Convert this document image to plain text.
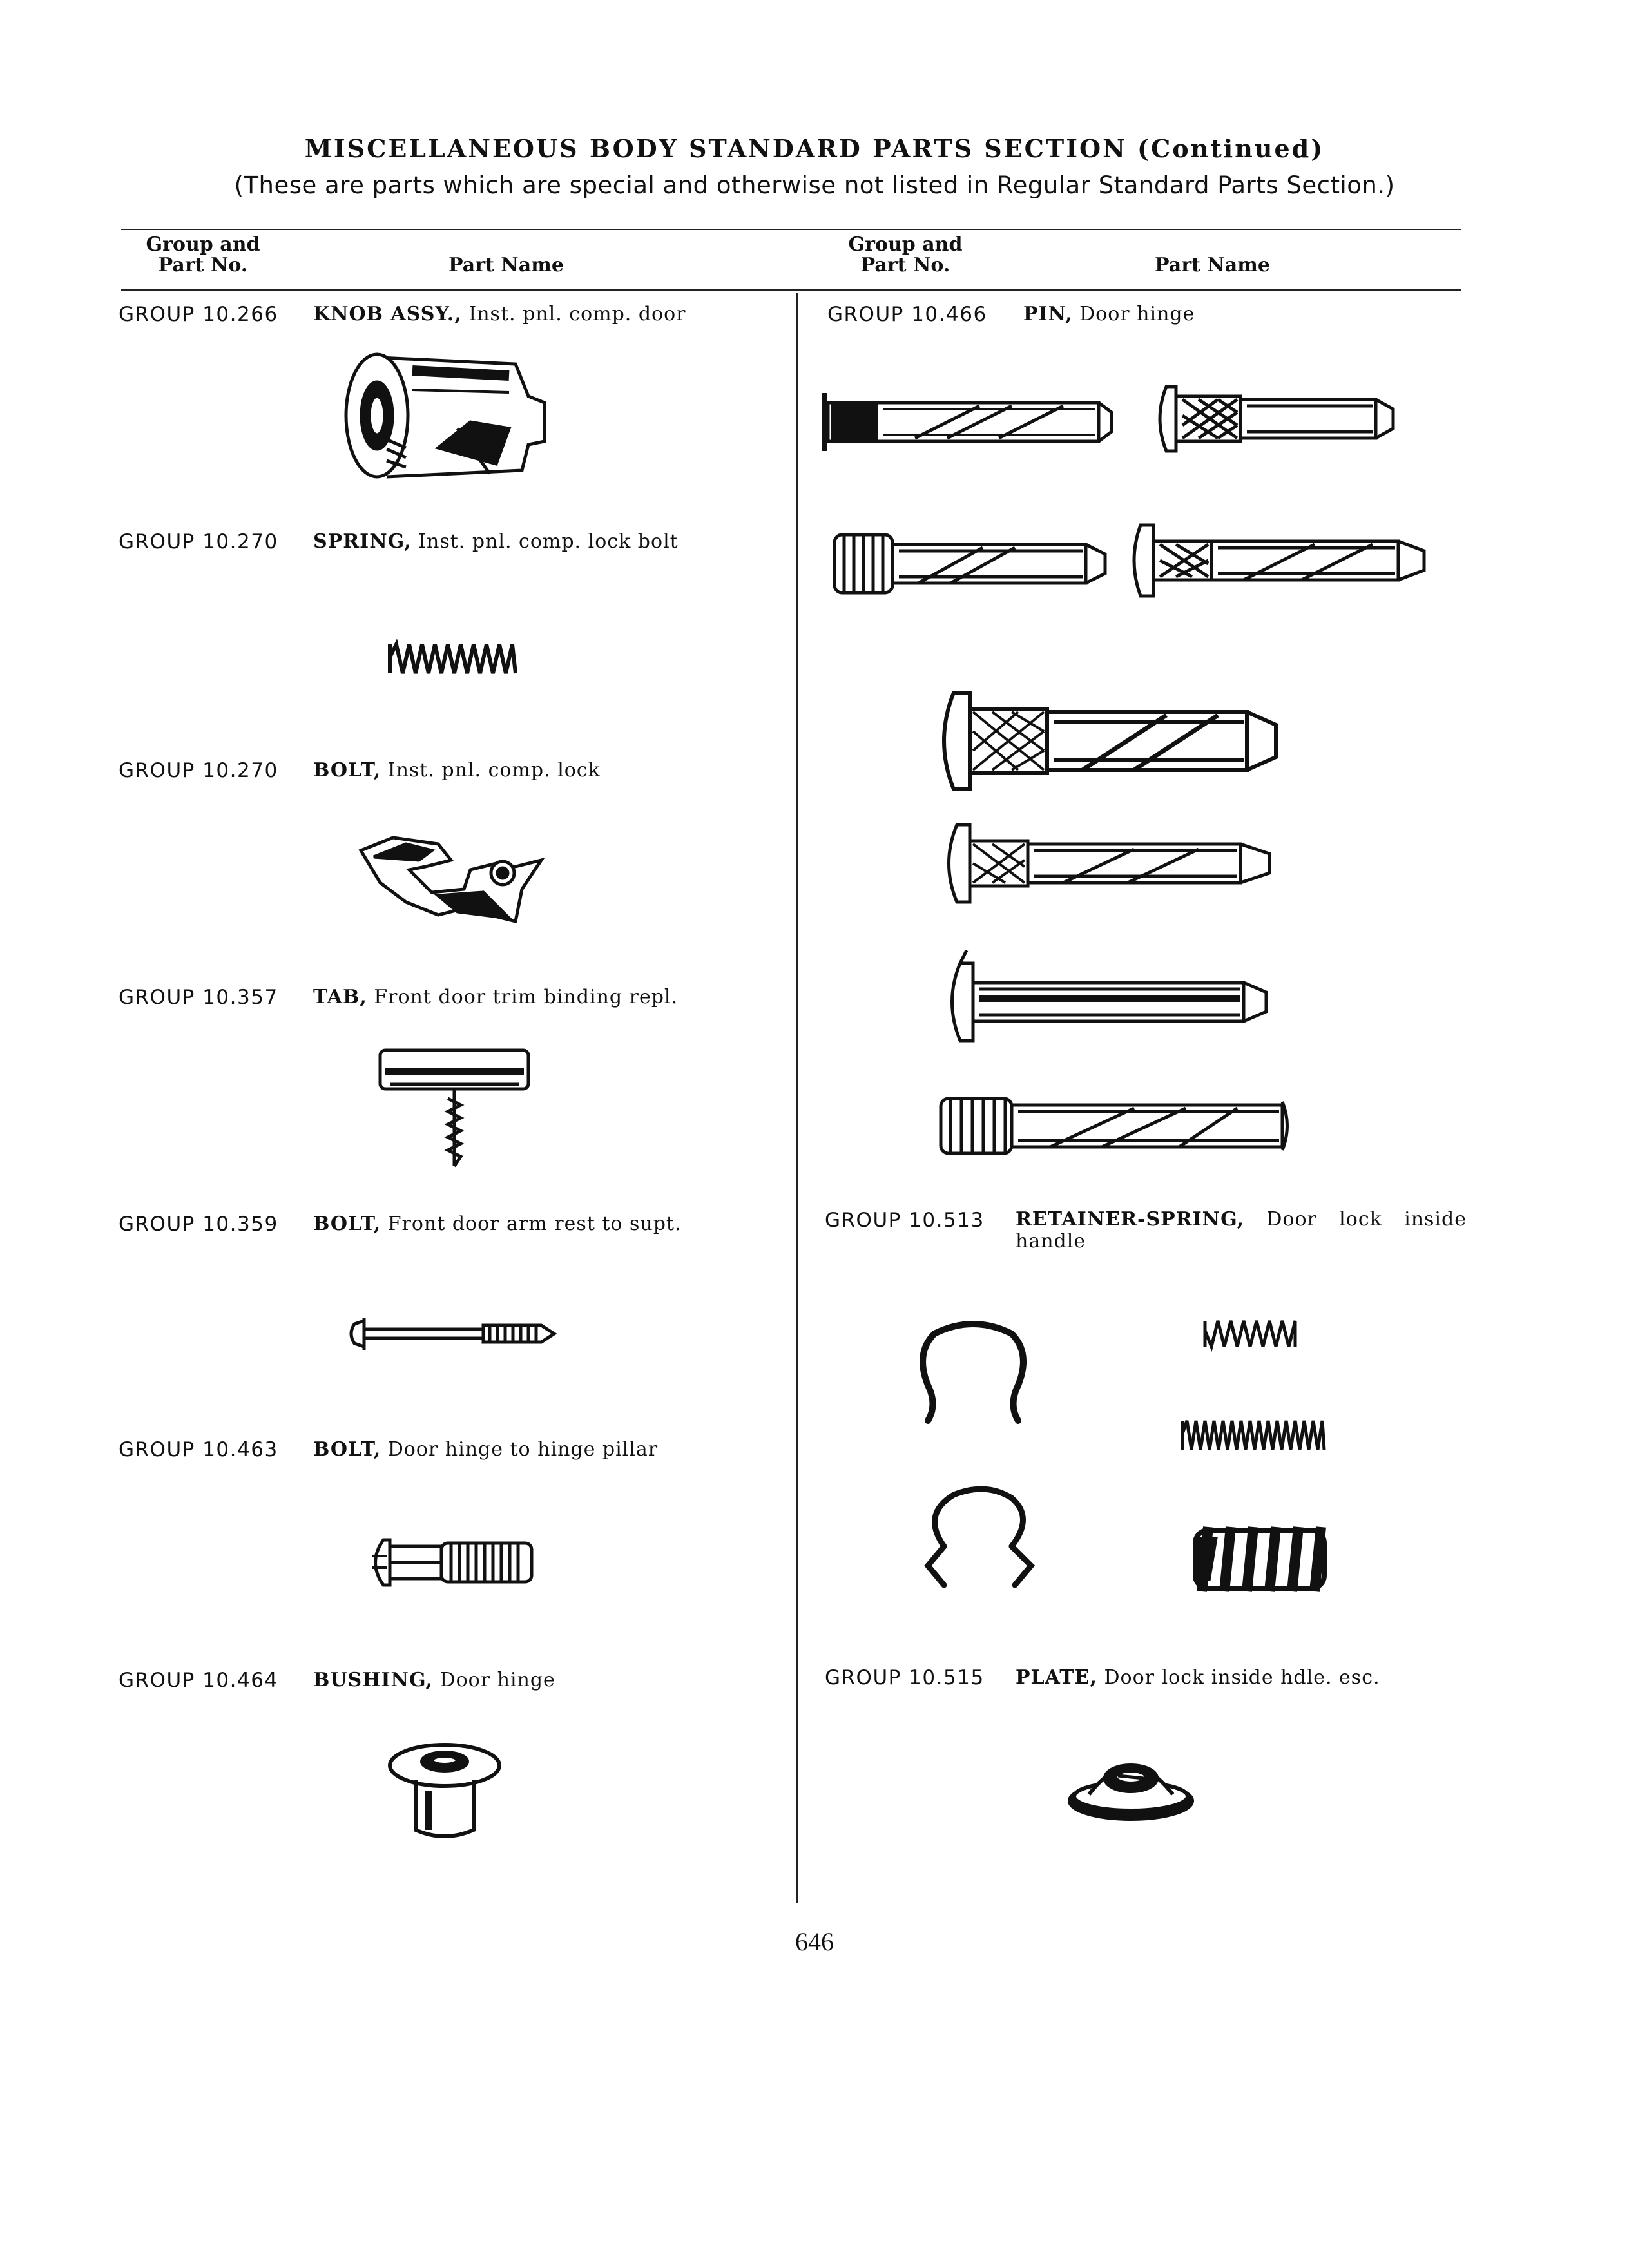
MISCELLANEOUS BODY STANDARD PARTS SECTION (Continued)
(These are parts which are special and otherwise not listed in Regular Standard Parts Section.)
Group and
Part No.	Part Name
Group and
Part No.	Part Name
GROUP 10.266 KNOB ASSY., Inst. pnl. comp. door
GROUP 10.270 SPRING, Inst. pnl. comp. lock bolt
GROUP 10.270 BOLT, Inst. pnl. comp. lock
GROUP 10.357 TAB, Front door trim binding repl.
GROUP 10.359 BOLT, Front door arm rest to supt.
GROUP 10.463 BOLT, Door hinge to hinge pillar
GROUP 10.464 BUSHING, Door hinge
GROUP 10.466 PIN, Door hinge
GROUP 10.513 RETAINER-SPRING, Door lock inside
handle
GROUP 10.515 PLATE, Door lock inside hdle. esc.
646
